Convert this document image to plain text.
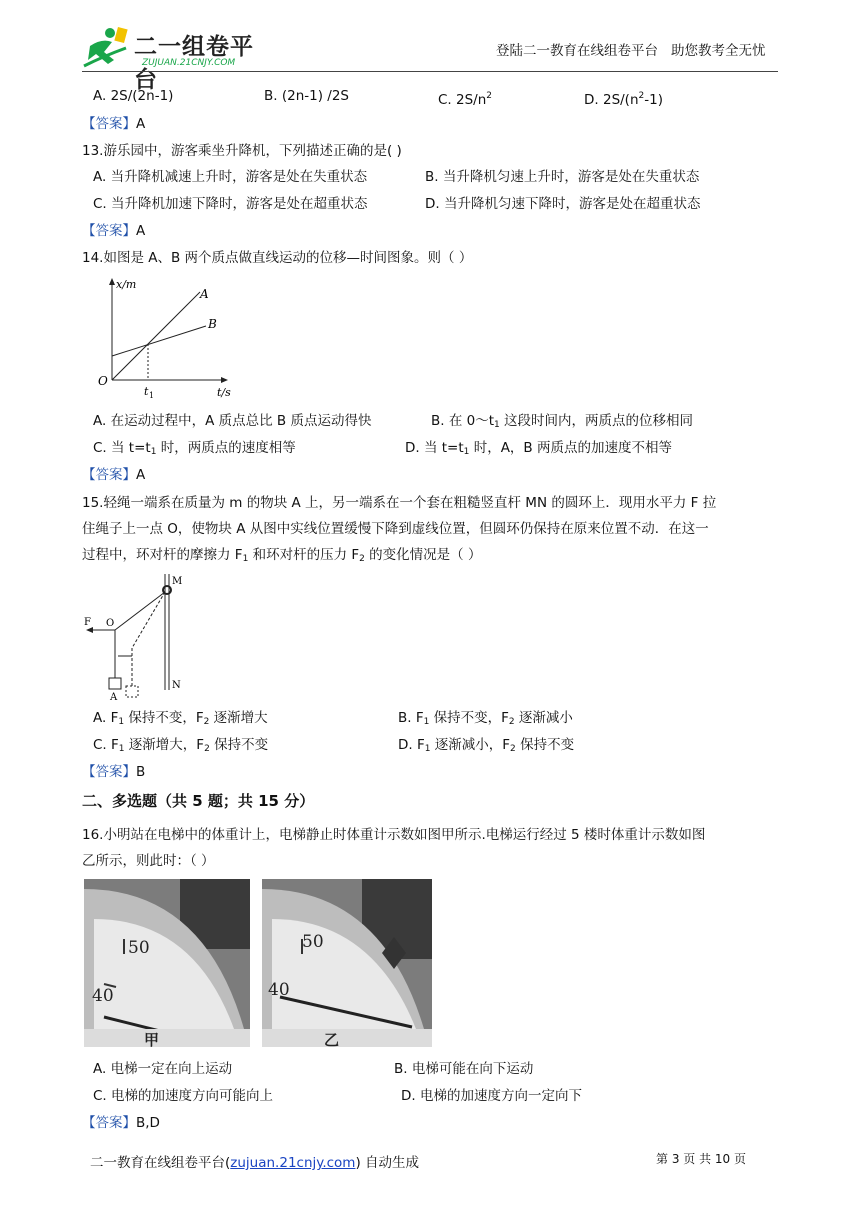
二一组卷平台
ZUJUAN.21CNJY.COM
登陆二一教育在线组卷平台 助您教考全无忧
A. 2S/(2n-1)	B. (2n-1) /2S	C. $2S/n^2$	D. $2S/(n^2-1)$
【答案】A
13.游乐园中，游客乘坐升降机，下列描述正确的是( )
A. 当升降机减速上升时，游客是处在失重状态	B. 当升降机匀速上升时，游客是处在失重状态
C. 当升降机加速下降时，游客是处在超重状态	D. 当升降机匀速下降时，游客是处在超重状态
【答案】A
14.如图是 A、B 两个质点做直线运动的位移—时间图象。则（ ）
x/m
t/s
O
t 1
A
B
A. 在运动过程中，A 质点总比 B 质点运动得快	B. 在 $0\sim t_1$ 这段时间内，两质点的位移相同
C. 当 $t=t_1$ 时，两质点的速度相等	D. 当 $t=t_1$ 时，A，B 两质点的加速度不相等
【答案】A
15.轻绳一端系在质量为 m 的物块 A 上，另一端系在一个套在粗糙竖直杆 MN 的圆环上．现用水平力 F 拉
住绳子上一点 O，使物块 A 从图中实线位置缓慢下降到虚线位置，但圆环仍保持在原来位置不动．在这一
过程中，环对杆的摩擦力 $F_1$ 和环对杆的压力 $F_2$ 的变化情况是（ ）
M
N
F O
A
A. $F_1$ 保持不变，$F_2$ 逐渐增大	B. $F_1$ 保持不变，$F_2$ 逐渐减小
C. $F_1$ 逐渐增大，$F_2$ 保持不变	D. $F_1$ 逐渐减小，$F_2$ 保持不变
【答案】B
二、多选题（共 5 题；共 15 分）
16.小明站在电梯中的体重计上，电梯静止时体重计示数如图甲所示.电梯运行经过 5 楼时体重计示数如图
乙所示，则此时：（ ）
50
40
甲
50
40
乙
A. 电梯一定在向上运动	B. 电梯可能在向下运动
C. 电梯的加速度方向可能向上	D. 电梯的加速度方向一定向下
【答案】B,D
二一教育在线组卷平台(zujuan.21cnjy.com) 自动生成	第 3 页 共 10 页
